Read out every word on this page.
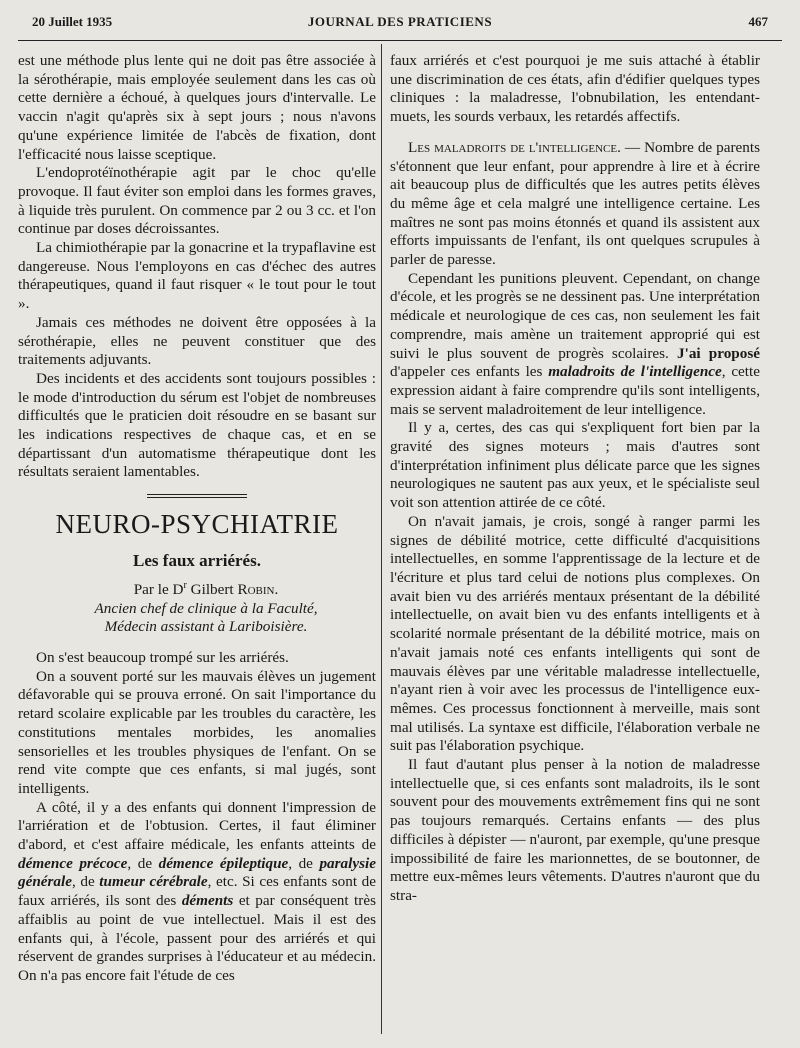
20 Juillet 1935	JOURNAL DES PRATICIENS	467

est une méthode plus lente qui ne doit pas être associée à la sérothérapie, mais employée seulement dans les cas où cette dernière a échoué, à quelques jours d'intervalle. Le vaccin n'agit qu'après six à sept jours ; nous n'avons qu'une expérience limitée de l'abcès de fixation, dont l'efficacité nous laisse sceptique.

L'endoprotéïnothérapie agit par le choc qu'elle provoque. Il faut éviter son emploi dans les formes graves, à liquide très purulent. On commence par 2 ou 3 cc. et l'on continue par doses décroissantes.

La chimiothérapie par la gonacrine et la trypaflavine est dangereuse. Nous l'employons en cas d'échec des autres thérapeutiques, quand il faut risquer « le tout pour le tout ».

Jamais ces méthodes ne doivent être opposées à la sérothérapie, elles ne peuvent constituer que des traitements adjuvants.

Des incidents et des accidents sont toujours possibles : le mode d'introduction du sérum est l'objet de nombreuses difficultés que le praticien doit résoudre en se basant sur les indications respectives de chaque cas, et en se départissant d'un automatisme thérapeutique dont les résultats seraient lamentables.

NEURO-PSYCHIATRIE
Les faux arriérés.

Par le $D^r$ Gilbert Robin.

Ancien chef de clinique à la Faculté,

Médecin assistant à Lariboisière.

On s'est beaucoup trompé sur les arriérés.

On a souvent porté sur les mauvais élèves un jugement défavorable qui se prouva erroné. On sait l'importance du retard scolaire explicable par les troubles du caractère, les constitutions mentales morbides, les anomalies sensorielles et les troubles physiques de l'enfant. On se rend vite compte que ces enfants, si mal jugés, sont intelligents.

A côté, il y a des enfants qui donnent l'impression de l'arriération et de l'obtusion. Certes, il faut éliminer d'abord, et c'est affaire médicale, les enfants atteints de démence précoce, de démence épileptique, de paralysie générale, de tumeur cérébrale, etc. Si ces enfants sont de faux arriérés, ils sont des déments et par conséquent très affaiblis au point de vue intellectuel. Mais il est des enfants qui, à l'école, passent pour des arriérés et qui réservent de grandes surprises à l'éducateur et au médecin. On n'a pas encore fait l'étude de ces

faux arriérés et c'est pourquoi je me suis attaché à établir une discrimination de ces états, afin d'édifier quelques types cliniques : la maladresse, l'obnubilation, les entendant-muets, les sourds verbaux, les retardés affectifs.

Les maladroits de l'intelligence. — Nombre de parents s'étonnent que leur enfant, pour apprendre à lire et à écrire ait beaucoup plus de difficultés que les autres petits élèves du même âge et cela malgré une intelligence certaine. Les maîtres ne sont pas moins étonnés et quand ils assistent aux efforts impuissants de l'enfant, ils ont quelques scrupules à parler de paresse.

Cependant les punitions pleuvent. Cependant, on change d'école, et les progrès se ne dessinent pas. Une interprétation médicale et neurologique de ces cas, non seulement les fait comprendre, mais amène un traitement approprié qui est suivi le plus souvent de progrès scolaires. J'ai proposé d'appeler ces enfants les maladroits de l'intelligence, cette expression aidant à faire comprendre qu'ils sont intelligents, mais se servent maladroitement de leur intelligence.

Il y a, certes, des cas qui s'expliquent fort bien par la gravité des signes moteurs ; mais d'autres sont d'interprétation infiniment plus délicate parce que les signes neurologiques ne sautent pas aux yeux, et le spécialiste seul voit son attention attirée de ce côté.

On n'avait jamais, je crois, songé à ranger parmi les signes de débilité motrice, cette difficulté d'acquisitions intellectuelles, en somme l'apprentissage de la lecture et de l'écriture et plus tard celui de notions plus complexes. On avait bien vu des arriérés mentaux présentant de la débilité intellectuelle, on avait bien vu des enfants intelligents et à scolarité normale présentant de la débilité motrice, mais on n'avait jamais noté ces enfants intelligents qui sont de mauvais élèves par une véritable maladresse intellectuelle, n'ayant rien à voir avec les processus de l'intelligence eux-mêmes. Ces processus fonctionnent à merveille, mais sont mal utilisés. La syntaxe est difficile, l'élaboration verbale ne suit pas l'élaboration psychique.

Il faut d'autant plus penser à la notion de maladresse intellectuelle que, si ces enfants sont maladroits, ils le sont souvent pour des mouvements extrêmement fins qui ne sont pas toujours remarqués. Certains enfants — des plus difficiles à dépister — n'auront, par exemple, qu'une presque impossibilité de faire les marionnettes, de se boutonner, de mettre eux-mêmes leurs vêtements. D'autres n'auront que du stra-
